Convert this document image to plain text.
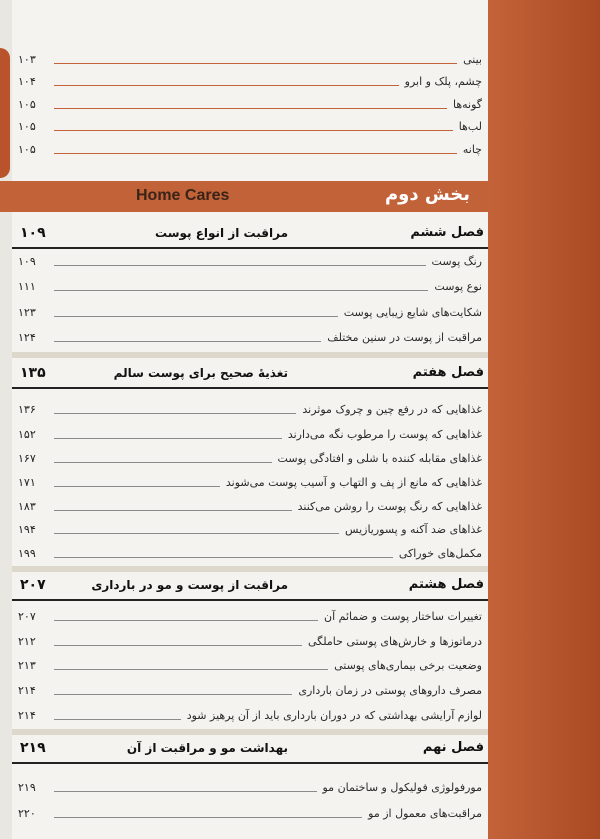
بینی
۱۰۳
چشم، پلک و ابرو
۱۰۴
گونه‌ها
۱۰۵
لب‌ها
۱۰۵
چانه
۱۰۵
فصل ششم
مراقبت از انواع پوست
۱۰۹
رنگ پوست
۱۰۹
نوع پوست
۱۱۱
شکایت‌های شایع زیبایی پوست
۱۲۳
مراقبت از پوست در سنین مختلف
۱۲۴
فصل هفتم
تغذیهٔ صحیح برای پوست سالم
۱۳۵
غذاهایی که در رفع چین و چروک موثرند
۱۳۶
غذاهایی که پوست را مرطوب نگه می‌دارند
۱۵۲
غذاهای مقابله کننده با شلی و افتادگی پوست
۱۶۷
غذاهایی که مانع از پف و التهاب و آسیب پوست می‌شوند
۱۷۱
غذاهایی که رنگ پوست را روشن می‌کنند
۱۸۳
غذاهای ضد آکنه و پسوریازیس
۱۹۴
مکمل‌های خوراکی
۱۹۹
فصل هشتم
مراقبت از پوست و مو در بارداری
۲۰۷
تغییرات ساختار پوست و ضمائم آن
۲۰۷
درماتوزها و خارش‌های پوستی حاملگی
۲۱۲
وضعیت برخی بیماری‌های پوستی
۲۱۳
مصرف داروهای پوستی در زمان بارداری
۲۱۴
لوازم آرایشی بهداشتی که در دوران بارداری باید از آن پرهیز شود
۲۱۴
فصل نهم
بهداشت مو و مراقبت از آن
۲۱۹
مورفولوژی فولیکول و ساختمان مو
۲۱۹
مراقبت‌های معمول از مو
۲۲۰
Home Cares	بخش دوم
